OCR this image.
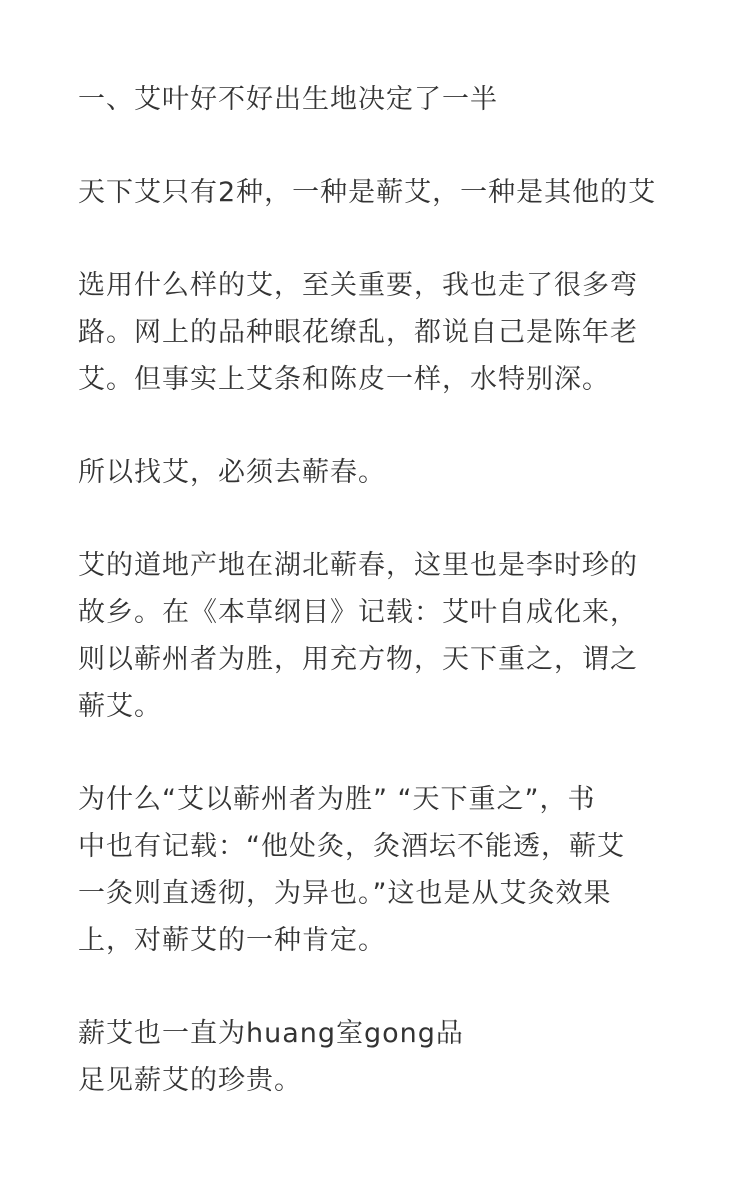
一、艾叶好不好出生地决定了一半

天下艾只有2种，一种是蕲艾，一种是其他的艾

选用什么样的艾，至关重要，我也走了很多弯
路。网上的品种眼花缭乱，都说自己是陈年老
艾。但事实上艾条和陈皮一样，水特别深。

所以找艾，必须去蕲春。

艾的道地产地在湖北蕲春，这里也是李时珍的
故乡。在《本草纲目》记载：艾叶自成化来，
则以蕲州者为胜，用充方物，天下重之，谓之
蕲艾。

为什么“艾以蕲州者为胜” “天下重之”，书
中也有记载：“他处灸，灸酒坛不能透，蕲艾
一灸则直透彻，为异也。”这也是从艾灸效果
上，对蕲艾的一种肯定。

薪艾也一直为huang室gong品
足见薪艾的珍贵。
